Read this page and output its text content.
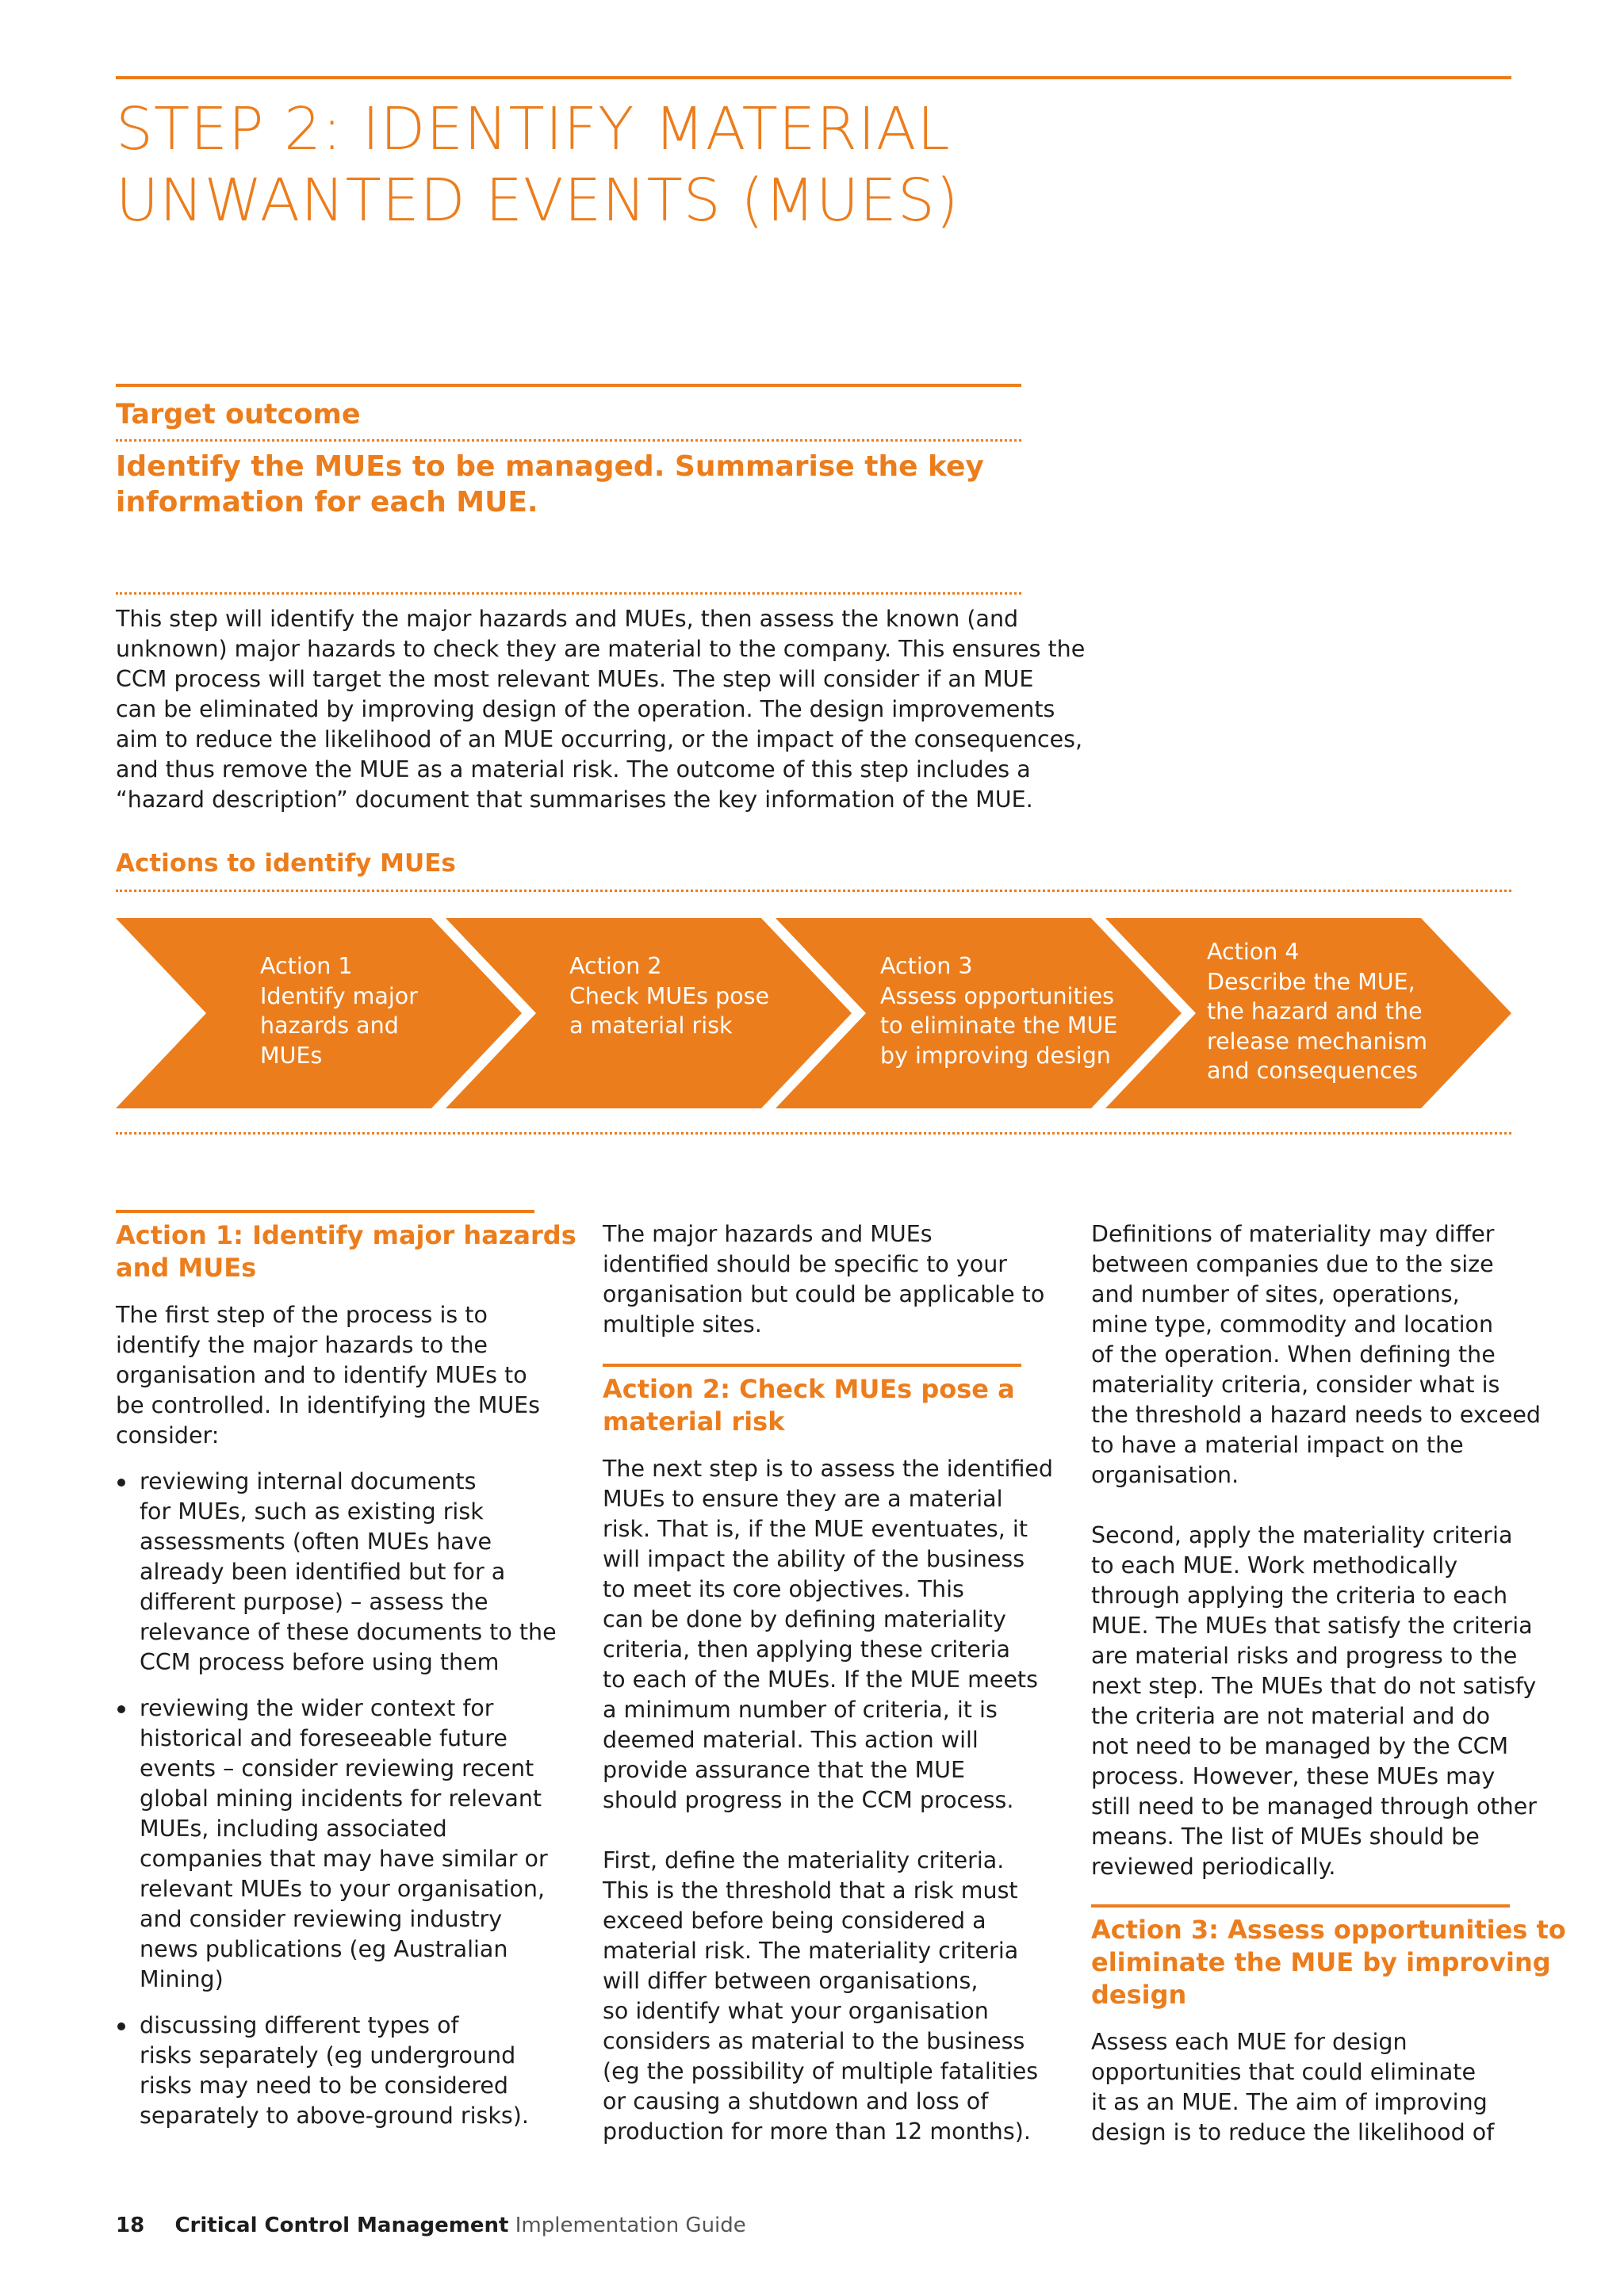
STEP 2: IDENTIFY MATERIAL
UNWANTED EVENTS (MUES)
Target outcome
Identify the MUEs to be managed. Summarise the key
information for each MUE.

This step will identify the major hazards and MUEs, then assess the known (and
unknown) major hazards to check they are material to the company. This ensures the
CCM process will target the most relevant MUEs. The step will consider if an MUE
can be eliminated by improving design of the operation. The design improvements
aim to reduce the likelihood of an MUE occurring, or the impact of the consequences,
and thus remove the MUE as a material risk. The outcome of this step includes a
“hazard description” document that summarises the key information of the MUE.

Actions to identify MUEs
Action 1
Identify major
hazards and
MUEs
Action 2
Check MUEs pose
a material risk
Action 3
Assess opportunities
to eliminate the MUE
by improving design
Action 4
Describe the MUE,
the hazard and the
release mechanism
and consequences
Action 1: Identify major hazards
and MUEs

The first step of the process is to
identify the major hazards to the
organisation and to identify MUEs to
be controlled. In identifying the MUEs
consider:

reviewing internal documents
for MUEs, such as existing risk
assessments (often MUEs have
already been identified but for a
different purpose) – assess the
relevance of these documents to the
CCM process before using them
reviewing the wider context for
historical and foreseeable future
events – consider reviewing recent
global mining incidents for relevant
MUEs, including associated
companies that may have similar or
relevant MUEs to your organisation,
and consider reviewing industry
news publications (eg Australian
Mining)
discussing different types of
risks separately (eg underground
risks may need to be considered
separately to above-ground risks).

The major hazards and MUEs
identified should be specific to your
organisation but could be applicable to
multiple sites.

Action 2: Check MUEs pose a
material risk

The next step is to assess the identified
MUEs to ensure they are a material
risk. That is, if the MUE eventuates, it
will impact the ability of the business
to meet its core objectives. This
can be done by defining materiality
criteria, then applying these criteria
to each of the MUEs. If the MUE meets
a minimum number of criteria, it is
deemed material. This action will
provide assurance that the MUE
should progress in the CCM process.

First, define the materiality criteria.
This is the threshold that a risk must
exceed before being considered a
material risk. The materiality criteria
will differ between organisations,
so identify what your organisation
considers as material to the business
(eg the possibility of multiple fatalities
or causing a shutdown and loss of
production for more than 12 months).

Definitions of materiality may differ
between companies due to the size
and number of sites, operations,
mine type, commodity and location
of the operation. When defining the
materiality criteria, consider what is
the threshold a hazard needs to exceed
to have a material impact on the
organisation.

Second, apply the materiality criteria
to each MUE. Work methodically
through applying the criteria to each
MUE. The MUEs that satisfy the criteria
are material risks and progress to the
next step. The MUEs that do not satisfy
the criteria are not material and do
not need to be managed by the CCM
process. However, these MUEs may
still need to be managed through other
means. The list of MUEs should be
reviewed periodically.

Action 3: Assess opportunities to
eliminate the MUE by improving
design

Assess each MUE for design
opportunities that could eliminate
it as an MUE. The aim of improving
design is to reduce the likelihood of

18 Critical Control Management Implementation Guide
